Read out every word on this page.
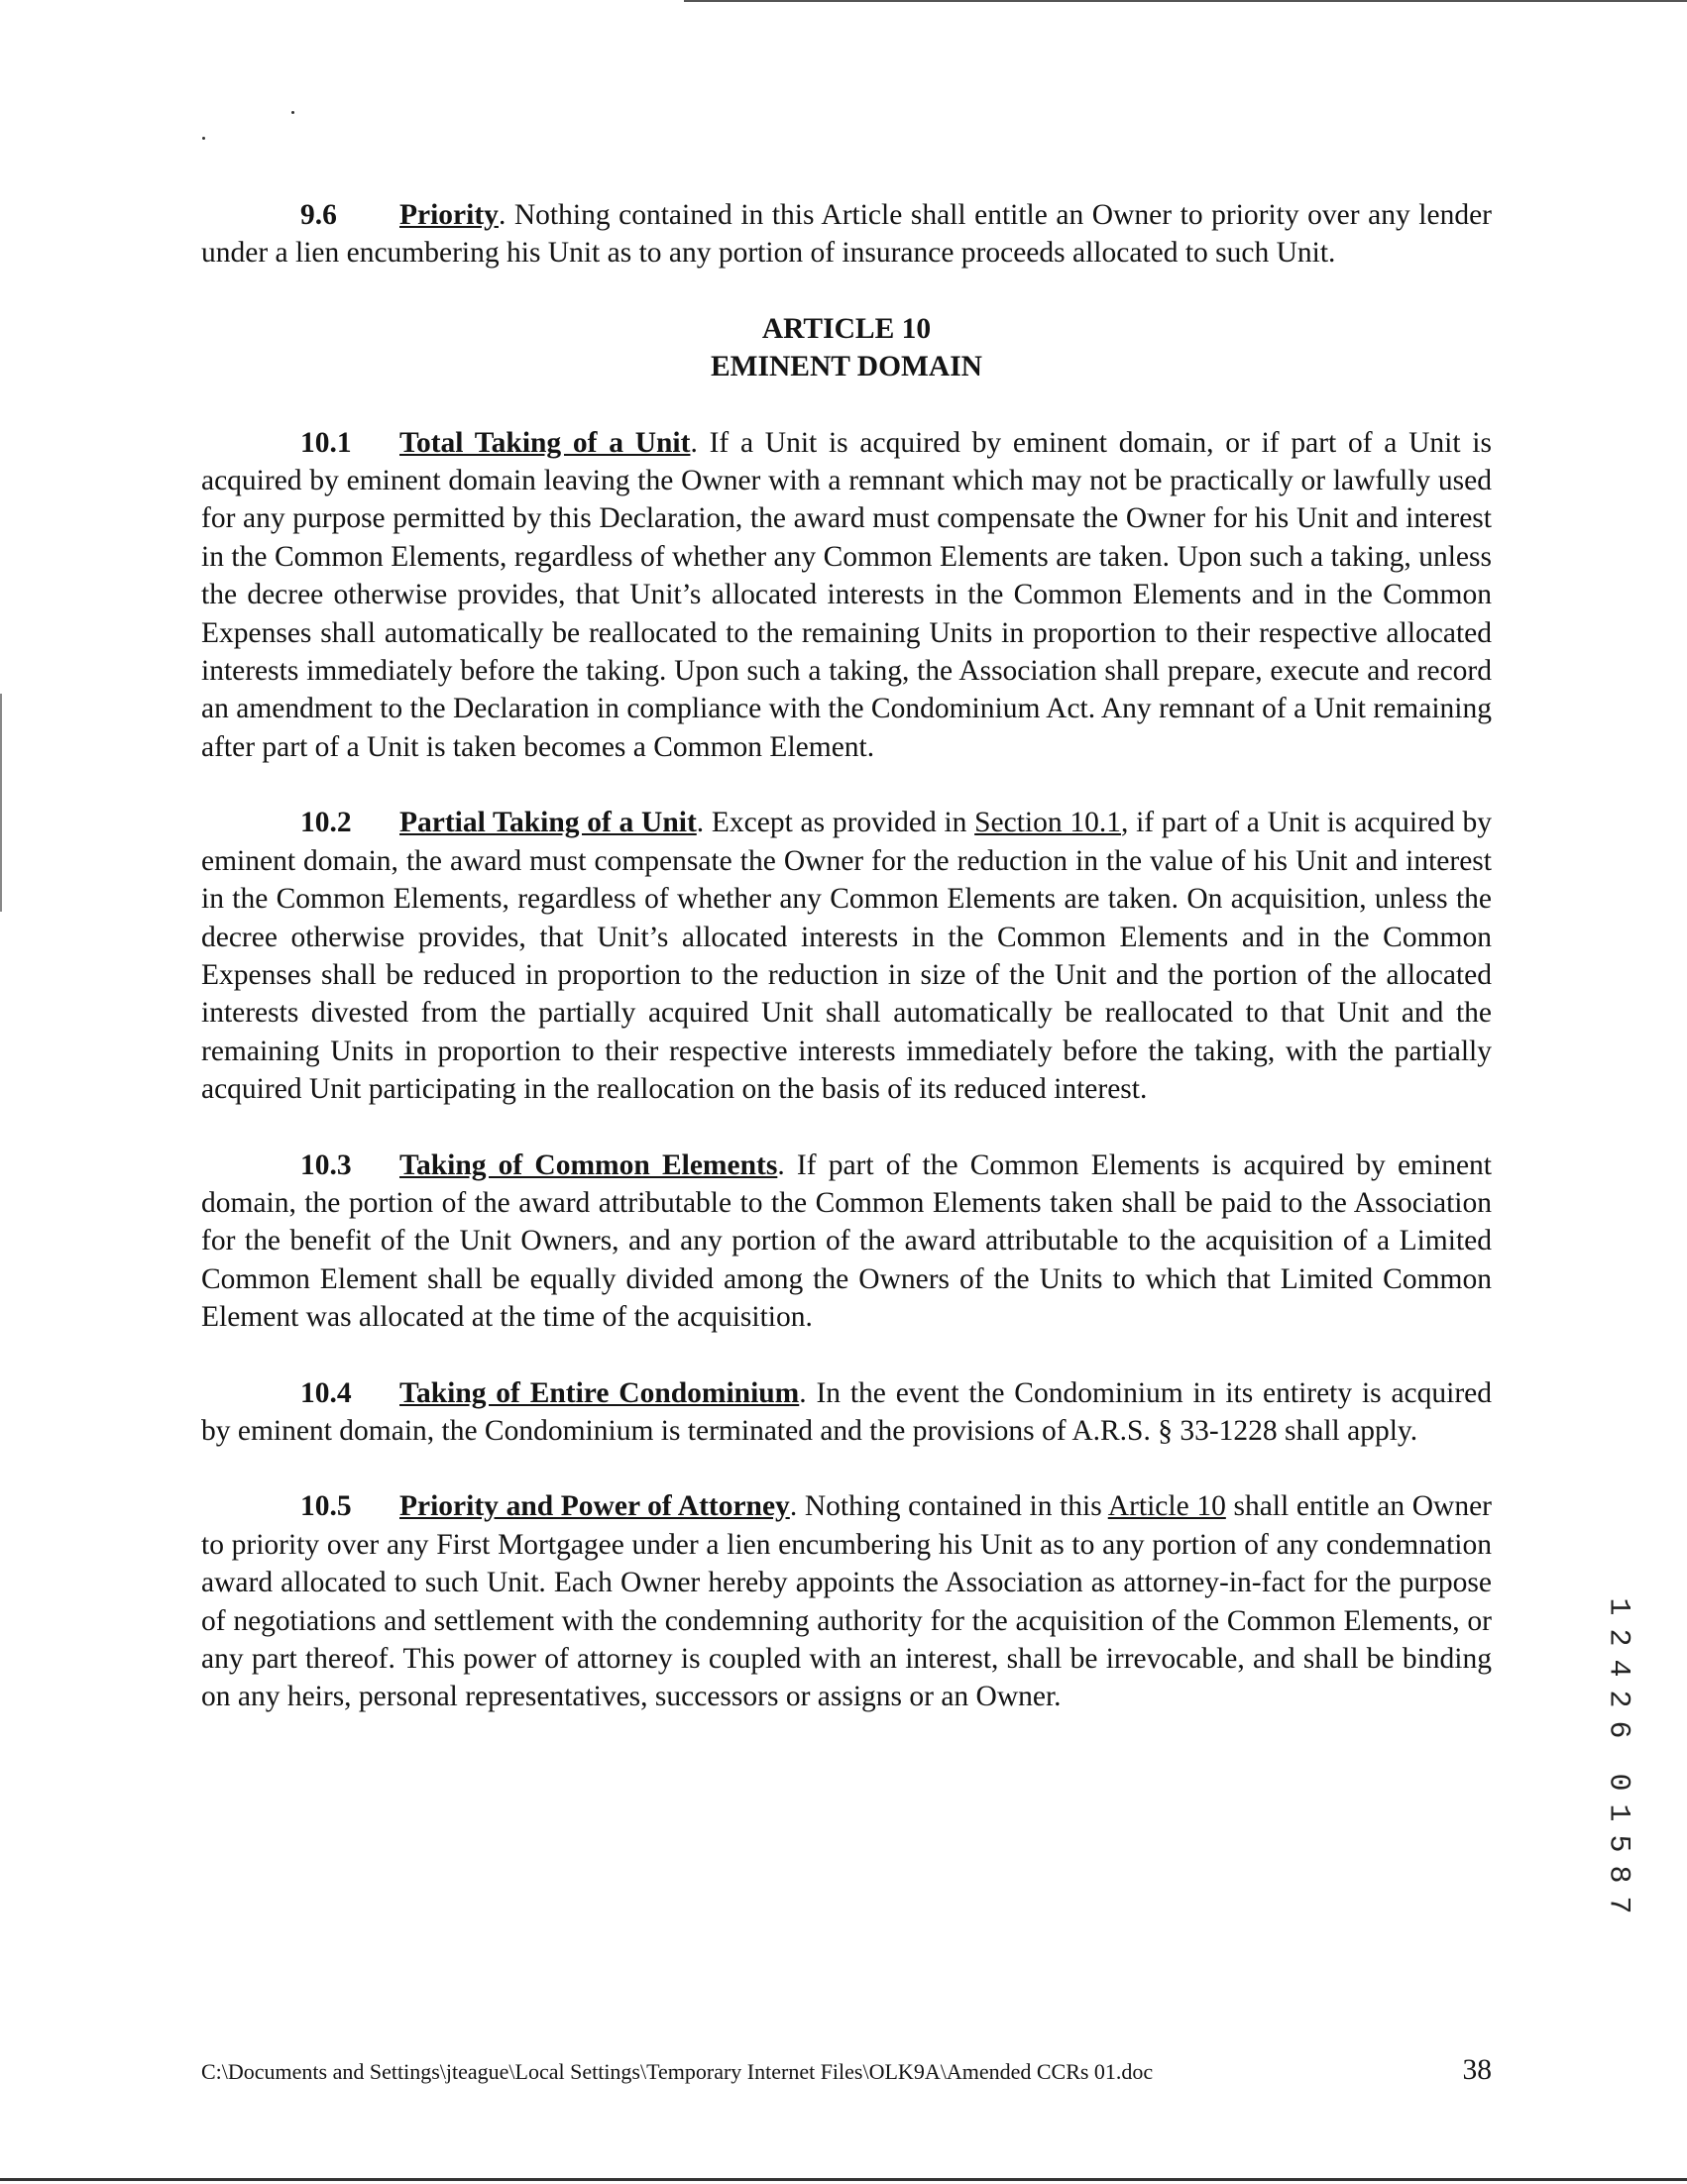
9.6 Priority. Nothing contained in this Article shall entitle an Owner to priority over any lender under a lien encumbering his Unit as to any portion of insurance proceeds allocated to such Unit.

ARTICLE 10

EMINENT DOMAIN

10.1 Total Taking of a Unit. If a Unit is acquired by eminent domain, or if part of a Unit is acquired by eminent domain leaving the Owner with a remnant which may not be practically or lawfully used for any purpose permitted by this Declaration, the award must compensate the Owner for his Unit and interest in the Common Elements, regardless of whether any Common Elements are taken. Upon such a taking, unless the decree otherwise provides, that Unit’s allocated interests in the Common Elements and in the Common Expenses shall automatically be reallocated to the remaining Units in proportion to their respective allocated interests immediately before the taking. Upon such a taking, the Association shall prepare, execute and record an amendment to the Declaration in compliance with the Condominium Act. Any remnant of a Unit remaining after part of a Unit is taken becomes a Common Element.

10.2 Partial Taking of a Unit. Except as provided in Section 10.1, if part of a Unit is acquired by eminent domain, the award must compensate the Owner for the reduction in the value of his Unit and interest in the Common Elements, regardless of whether any Common Elements are taken. On acquisition, unless the decree otherwise provides, that Unit’s allocated interests in the Common Elements and in the Common Expenses shall be reduced in proportion to the reduction in size of the Unit and the portion of the allocated interests divested from the partially acquired Unit shall automatically be reallocated to that Unit and the remaining Units in proportion to their respective interests immediately before the taking, with the partially acquired Unit participating in the reallocation on the basis of its reduced interest.

10.3 Taking of Common Elements. If part of the Common Elements is acquired by eminent domain, the portion of the award attributable to the Common Elements taken shall be paid to the Association for the benefit of the Unit Owners, and any portion of the award attributable to the acquisition of a Limited Common Element shall be equally divided among the Owners of the Units to which that Limited Common Element was allocated at the time of the acquisition.

10.4 Taking of Entire Condominium. In the event the Condominium in its entirety is acquired by eminent domain, the Condominium is terminated and the provisions of A.R.S. § 33-1228 shall apply.

10.5 Priority and Power of Attorney. Nothing contained in this Article 10 shall entitle an Owner to priority over any First Mortgagee under a lien encumbering his Unit as to any portion of any condemnation award allocated to such Unit. Each Owner hereby appoints the Association as attorney-in-fact for the purpose of negotiations and settlement with the condemning authority for the acquisition of the Common Elements, or any part thereof. This power of attorney is coupled with an interest, shall be irrevocable, and shall be binding on any heirs, personal representatives, successors or assigns or an Owner.

C:\Documents and Settings\jteague\Local Settings\Temporary Internet Files\OLK9A\Amended CCRs 01.doc	38
1
2
4
2
6
0
1
5
8
7
